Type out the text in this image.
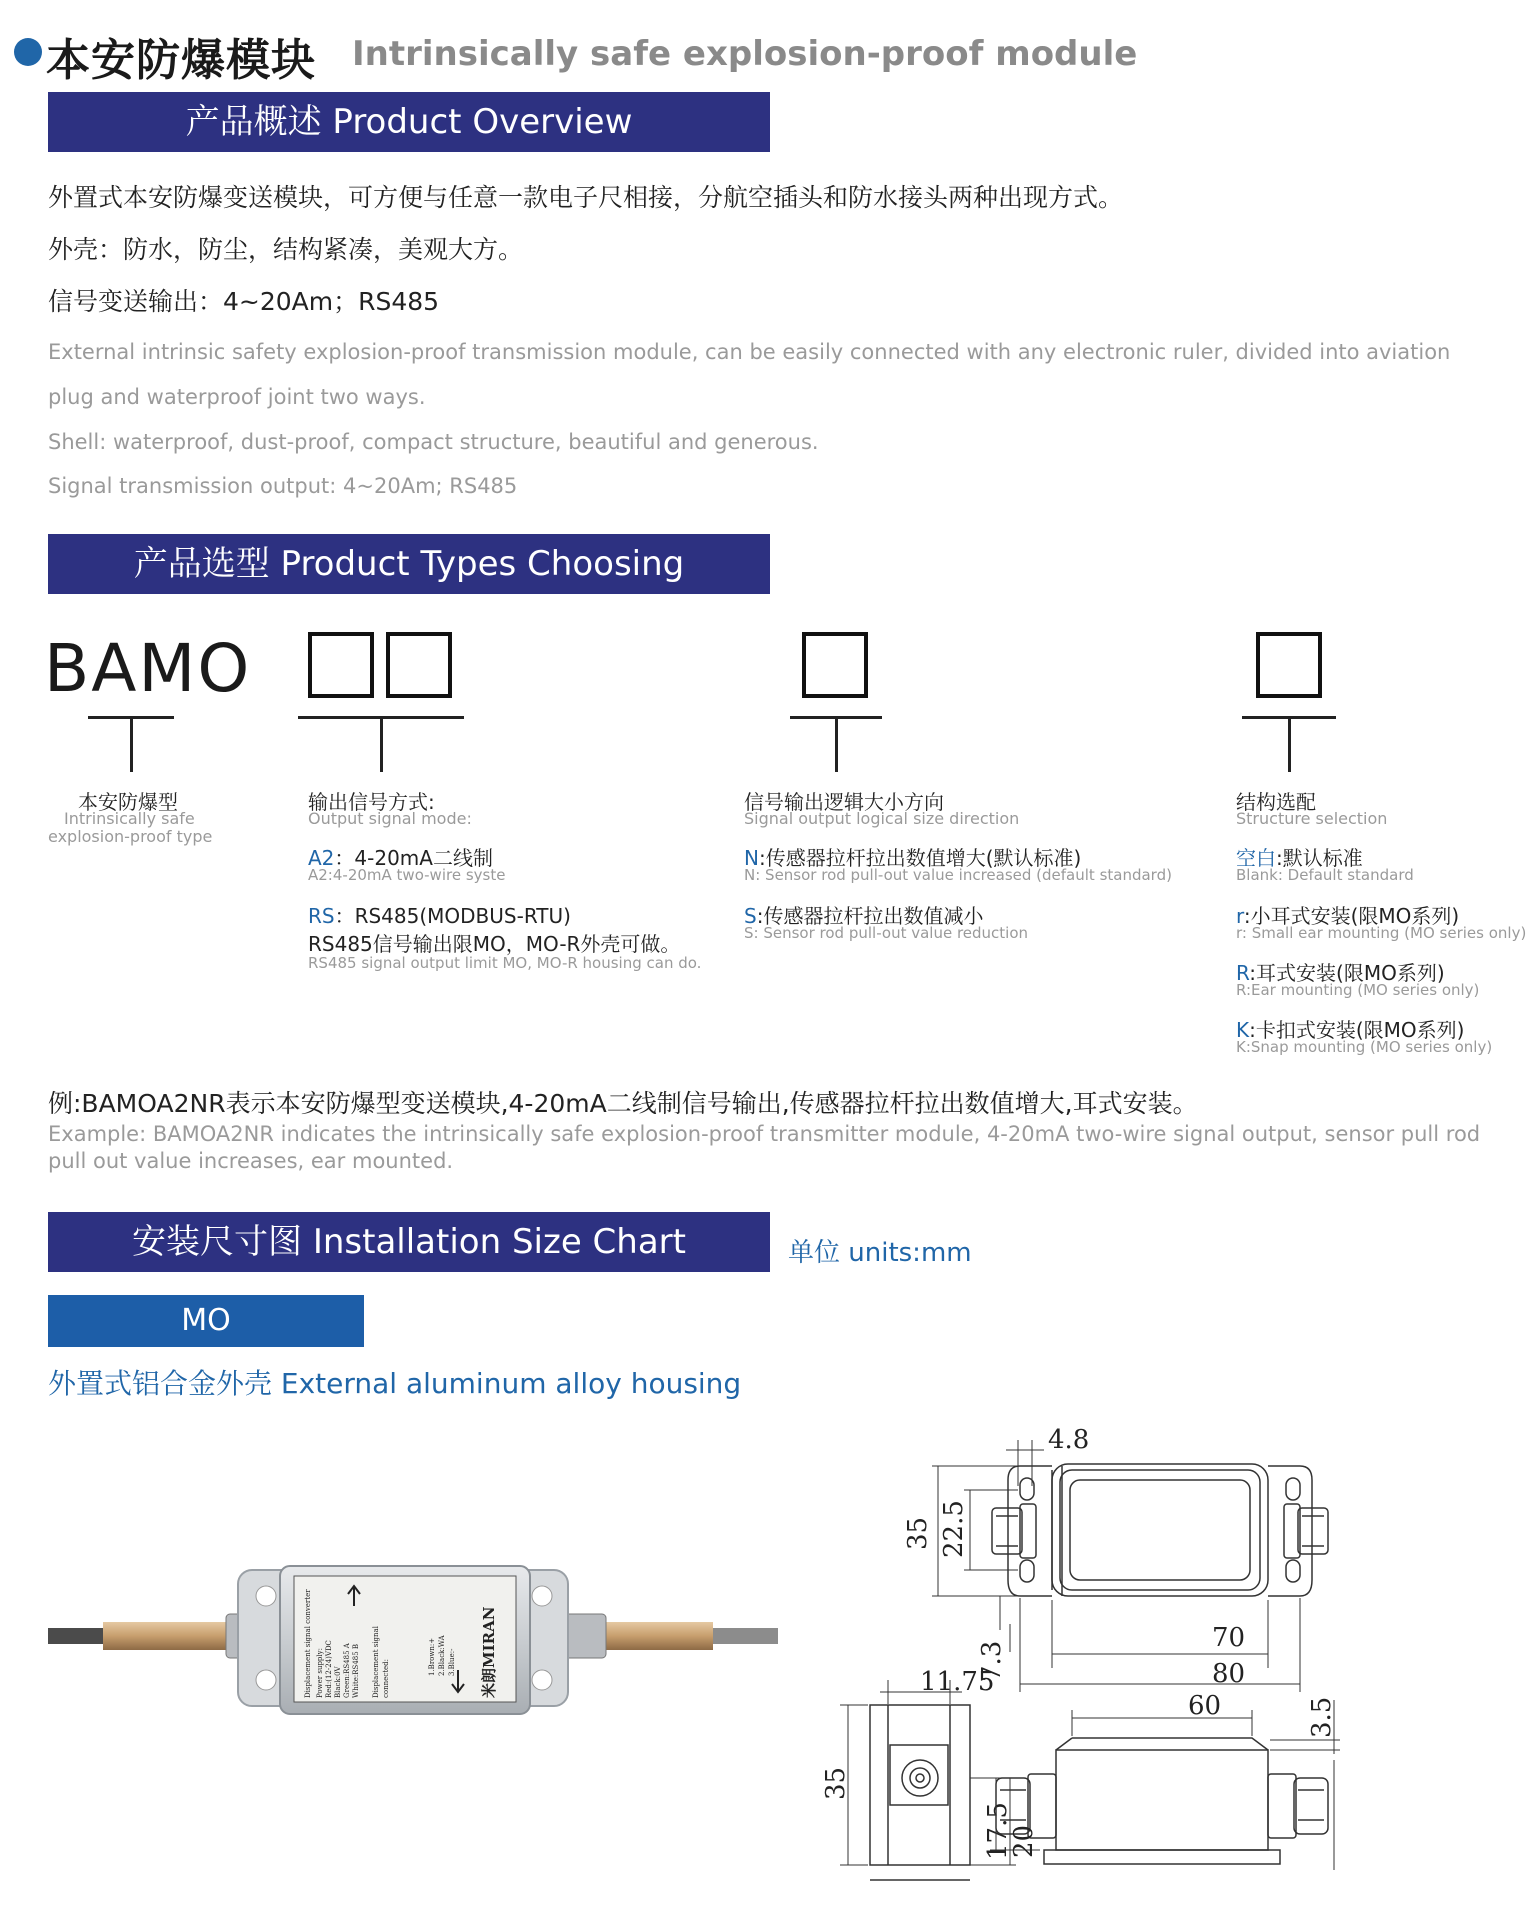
本安防爆模块 Intrinsically safe explosion-proof module
产品概述 Product Overview
外置式本安防爆变送模块，可方便与任意一款电子尺相接，分航空插头和防水接头两种出现方式。
外壳：防水，防尘，结构紧凑，美观大方。
信号变送输出：4~20Am；RS485
External intrinsic safety explosion-proof transmission module, can be easily connected with any electronic ruler, divided into aviation
plug and waterproof joint two ways.
Shell: waterproof, dust-proof, compact structure, beautiful and generous.
Signal transmission output: 4~20Am; RS485
产品选型 Product Types Choosing
BAMO
本安防爆型
Intrinsically safe
explosion-proof type
输出信号方式:
Output signal mode:
A2：4-20mA二线制
A2:4-20mA two-wire syste
RS：RS485(MODBUS-RTU)
RS485信号输出限MO，MO-R外壳可做。
RS485 signal output limit MO, MO-R housing can do.
信号输出逻辑大小方向
Signal output logical size direction
N:传感器拉杆拉出数值增大(默认标准)
N: Sensor rod pull-out value increased (default standard)
S:传感器拉杆拉出数值减小
S: Sensor rod pull-out value reduction
结构选配
Structure selection
空白:默认标准
Blank: Default standard
r:小耳式安装(限MO系列)
r: Small ear mounting (MO series only)
R:耳式安装(限MO系列)
R:Ear mounting (MO series only)
K:卡扣式安装(限MO系列)
K:Snap mounting (MO series only)
例:BAMOA2NR表示本安防爆型变送模块,4-20mA二线制信号输出,传感器拉杆拉出数值增大,耳式安装。
Example: BAMOA2NR indicates the intrinsically safe explosion-proof transmitter module, 4-20mA two-wire signal output, sensor pull rod
pull out value increases, ear mounted.
安装尺寸图 Installation Size Chart	单位 units:mm
MO
外置式铝合金外壳 External aluminum alloy housing
Displacement signal converter Power supply: Red:(12-24)VDC Black:0V Green:RS485 A White:RS485 B Displacement signal connected:
1.Brown:+ 2.Black:WA 3.Blue:- 米朗MIRAN
4.8
35 22.5
7.3
70
80
11.75
35
17.5
60	3.5
20
